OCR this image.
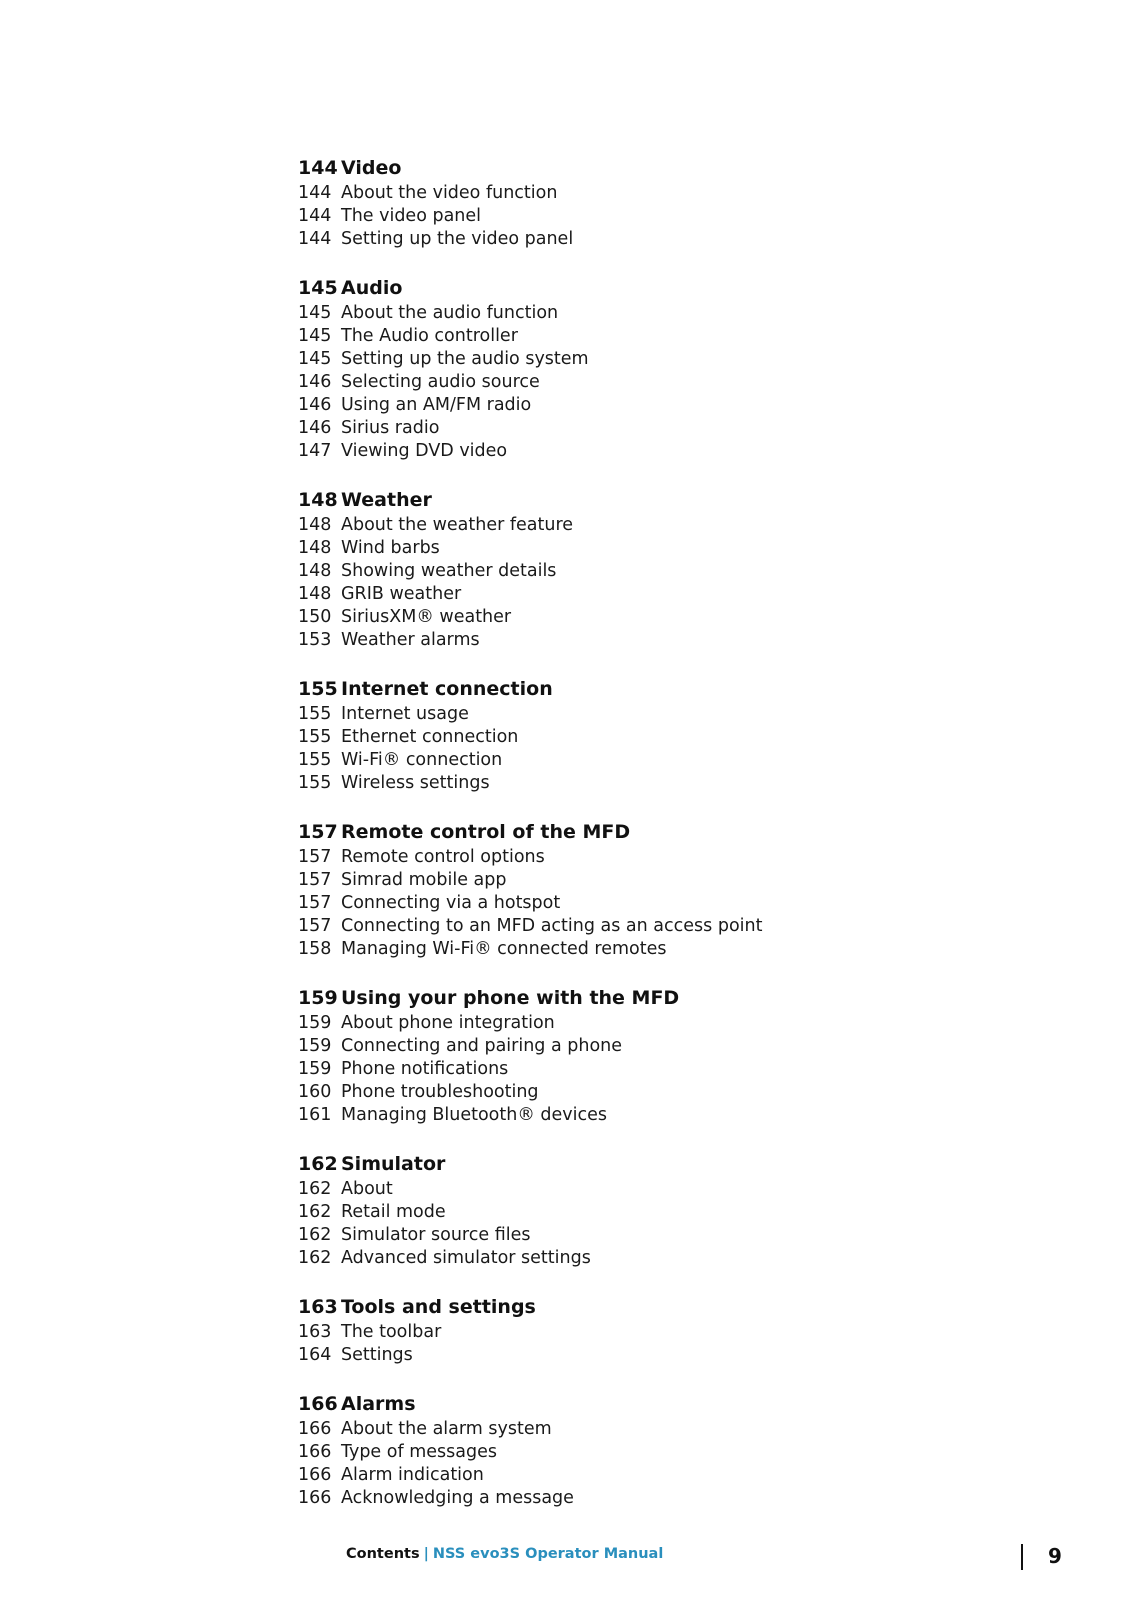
144 Video
144 About the video function
144 The video panel
144 Setting up the video panel
145 Audio
145 About the audio function
145 The Audio controller
145 Setting up the audio system
146 Selecting audio source
146 Using an AM/FM radio
146 Sirius radio
147 Viewing DVD video
148 Weather
148 About the weather feature
148 Wind barbs
148 Showing weather details
148 GRIB weather
150 SiriusXM® weather
153 Weather alarms
155 Internet connection
155 Internet usage
155 Ethernet connection
155 Wi-Fi® connection
155 Wireless settings
157 Remote control of the MFD
157 Remote control options
157 Simrad mobile app
157 Connecting via a hotspot
157 Connecting to an MFD acting as an access point
158 Managing Wi-Fi® connected remotes
159 Using your phone with the MFD
159 About phone integration
159 Connecting and pairing a phone
159 Phone notifications
160 Phone troubleshooting
161 Managing Bluetooth® devices
162 Simulator
162 About
162 Retail mode
162 Simulator source files
162 Advanced simulator settings
163 Tools and settings
163 The toolbar
164 Settings
166 Alarms
166 About the alarm system
166 Type of messages
166 Alarm indication
166 Acknowledging a message
Contents | NSS evo3S Operator Manual	9
